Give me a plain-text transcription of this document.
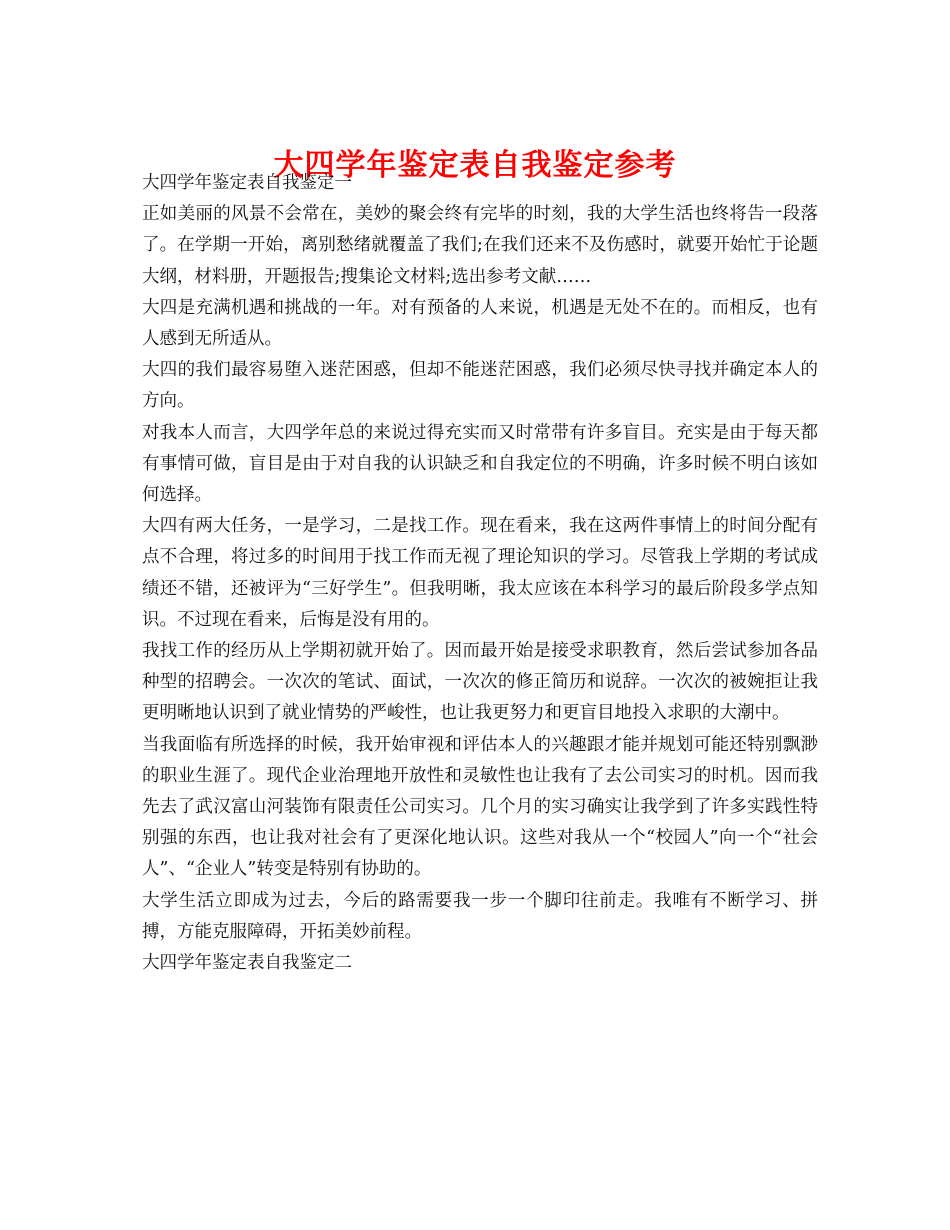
大四学年鉴定表自我鉴定参考

大四学年鉴定表自我鉴定一

正如美丽的风景不会常在，美妙的聚会终有完毕的时刻，我的大学生活也终将告一段落了。在学期一开始，离别愁绪就覆盖了我们;在我们还来不及伤感时，就要开始忙于论题大纲，材料册，开题报告;搜集论文材料;选出参考文献……

大四是充满机遇和挑战的一年。对有预备的人来说，机遇是无处不在的。而相反，也有人感到无所适从。

大四的我们最容易堕入迷茫困惑，但却不能迷茫困惑，我们必须尽快寻找并确定本人的方向。

对我本人而言，大四学年总的来说过得充实而又时常带有许多盲目。充实是由于每天都有事情可做，盲目是由于对自我的认识缺乏和自我定位的不明确，许多时候不明白该如何选择。

大四有两大任务，一是学习，二是找工作。现在看来，我在这两件事情上的时间分配有点不合理，将过多的时间用于找工作而无视了理论知识的学习。尽管我上学期的考试成绩还不错，还被评为“三好学生”。但我明晰，我太应该在本科学习的最后阶段多学点知识。不过现在看来，后悔是没有用的。

我找工作的经历从上学期初就开始了。因而最开始是接受求职教育，然后尝试参加各品种型的招聘会。一次次的笔试、面试，一次次的修正简历和说辞。一次次的被婉拒让我更明晰地认识到了就业情势的严峻性，也让我更努力和更盲目地投入求职的大潮中。

当我面临有所选择的时候，我开始审视和评估本人的兴趣跟才能并规划可能还特别飘渺的职业生涯了。现代企业治理地开放性和灵敏性也让我有了去公司实习的时机。因而我先去了武汉富山河装饰有限责任公司实习。几个月的实习确实让我学到了许多实践性特别强的东西，也让我对社会有了更深化地认识。这些对我从一个“校园人”向一个“社会人”、“企业人”转变是特别有协助的。

大学生活立即成为过去，今后的路需要我一步一个脚印往前走。我唯有不断学习、拼搏，方能克服障碍，开拓美妙前程。

大四学年鉴定表自我鉴定二
